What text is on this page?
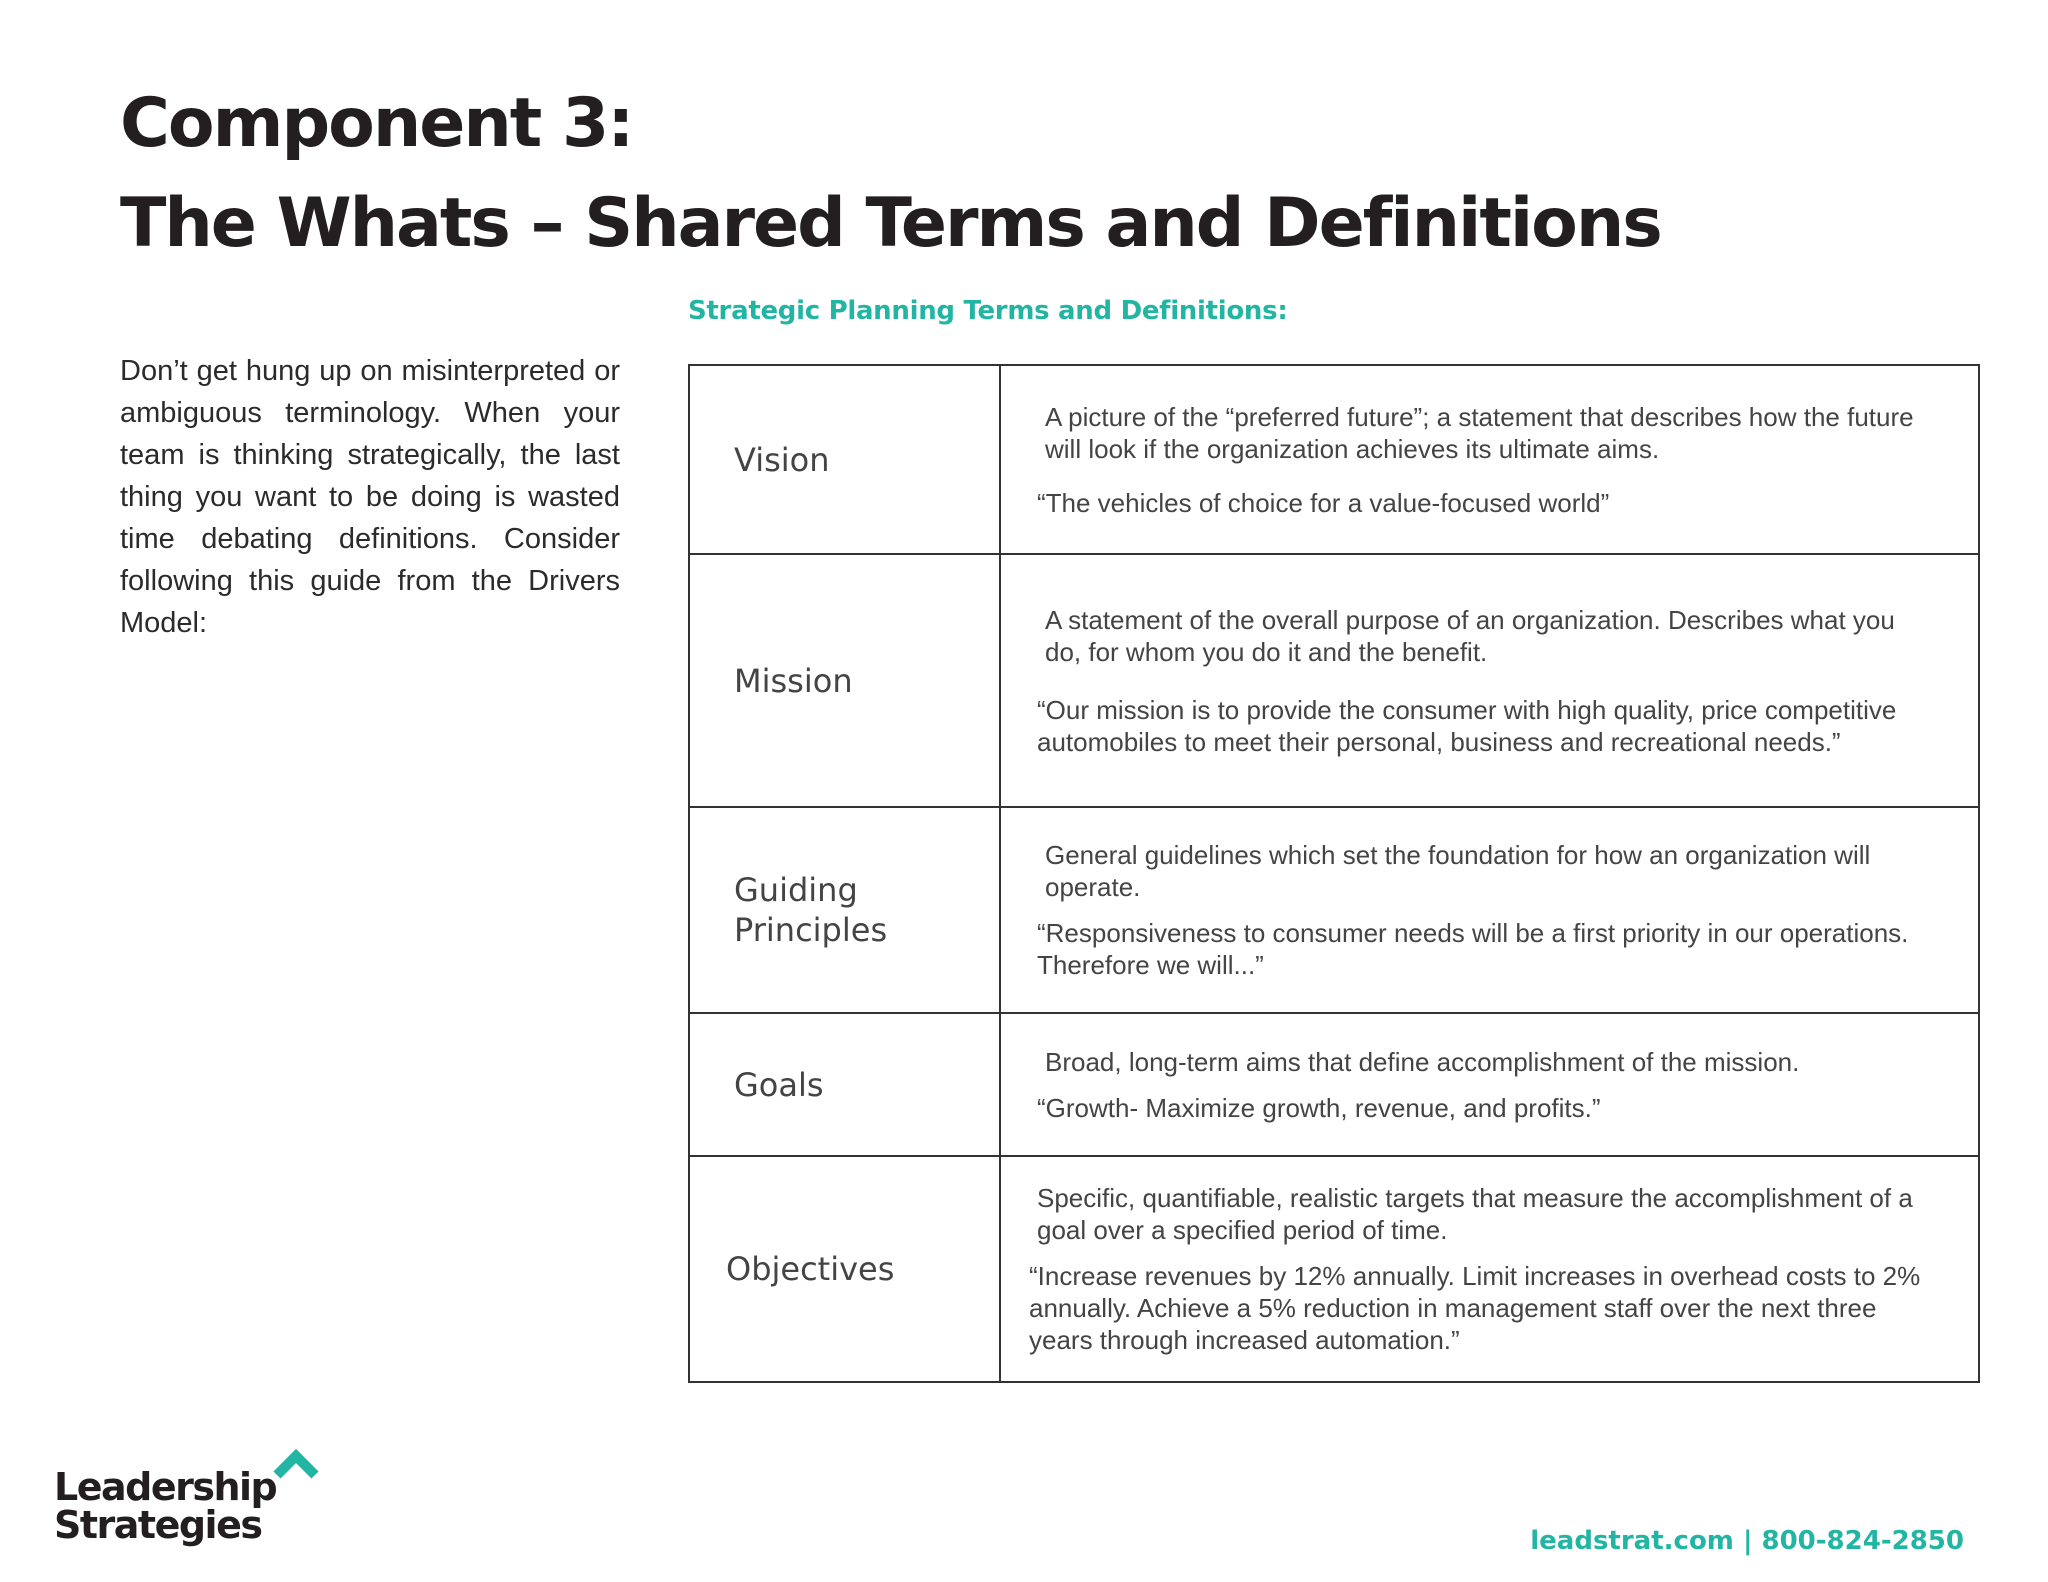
Component 3:
The Whats – Shared Terms and Definitions

Don’t get hung up on misinterpreted or ambiguous terminology. When your team is thinking strategically, the last thing you want to be doing is wasted time debating definitions. Consider following this guide from the Drivers Model:

Strategic Planning Terms and Definitions:
Vision	A picture of the “preferred future”; a statement that describes how the future will look if the organization achieves its ultimate aims.

“The vehicles of choice for a value-focused world”

Mission	A statement of the overall purpose of an organization. Describes what you do, for whom you do it and the benefit.

“Our mission is to provide the consumer with high quality, price competitive automobiles to meet their personal, business and recreational needs.”

Guiding Principles	General guidelines which set the foundation for how an organization will operate.

“Responsiveness to consumer needs will be a first priority in our operations. Therefore we will...”

Goals	Broad, long-term aims that define accomplishment of the mission.

“Growth- Maximize growth, revenue, and profits.”

Objectives	Specific, quantifiable, realistic targets that measure the accomplishment of a goal over a specified period of time.

“Increase revenues by 12% annually. Limit increases in overhead costs to 2% annually. Achieve a 5% reduction in management staff over the next three years through increased automation.”

Leadership
Strategies	leadstrat.com | 800-824-2850
